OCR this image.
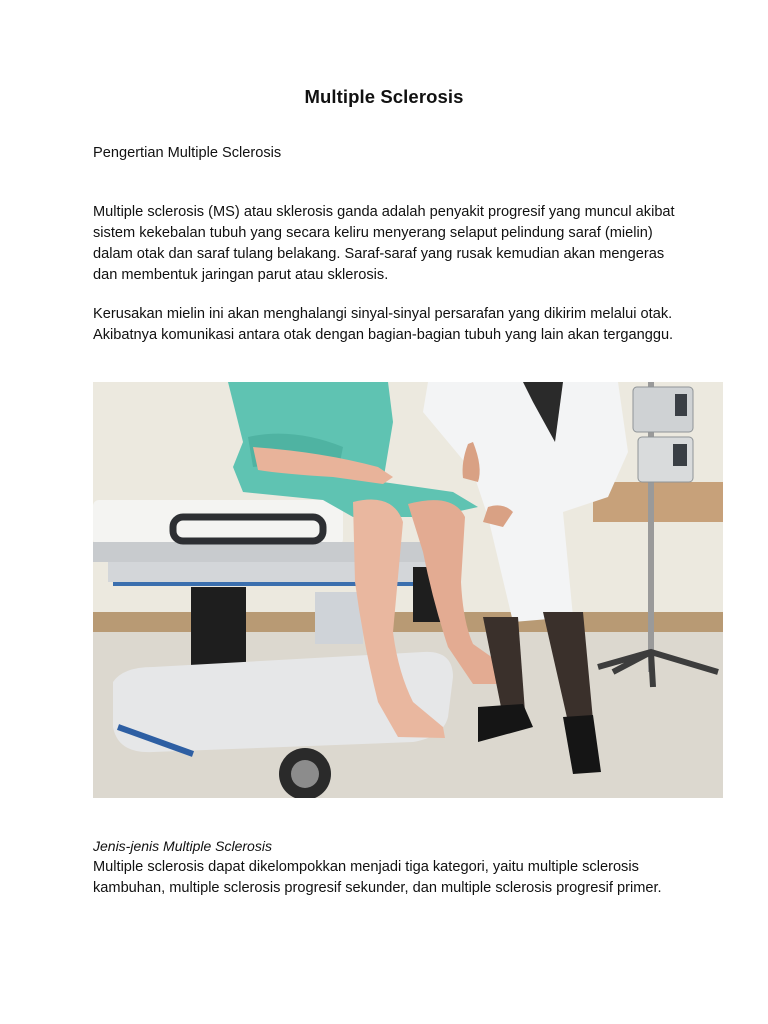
Multiple Sclerosis
Pengertian Multiple Sclerosis
Multiple sclerosis (MS) atau sklerosis ganda adalah penyakit progresif yang muncul akibat sistem kekebalan tubuh yang secara keliru menyerang selaput pelindung saraf (mielin) dalam otak dan saraf tulang belakang. Saraf-saraf yang rusak kemudian akan mengeras dan membentuk jaringan parut atau sklerosis.
Kerusakan mielin ini akan menghalangi sinyal-sinyal persarafan yang dikirim melalui otak. Akibatnya komunikasi antara otak dengan bagian-bagian tubuh yang lain akan terganggu.
Jenis-jenis Multiple Sclerosis
Multiple sclerosis dapat dikelompokkan menjadi tiga kategori, yaitu multiple sclerosis kambuhan, multiple sclerosis progresif sekunder, dan multiple sclerosis progresif primer.
